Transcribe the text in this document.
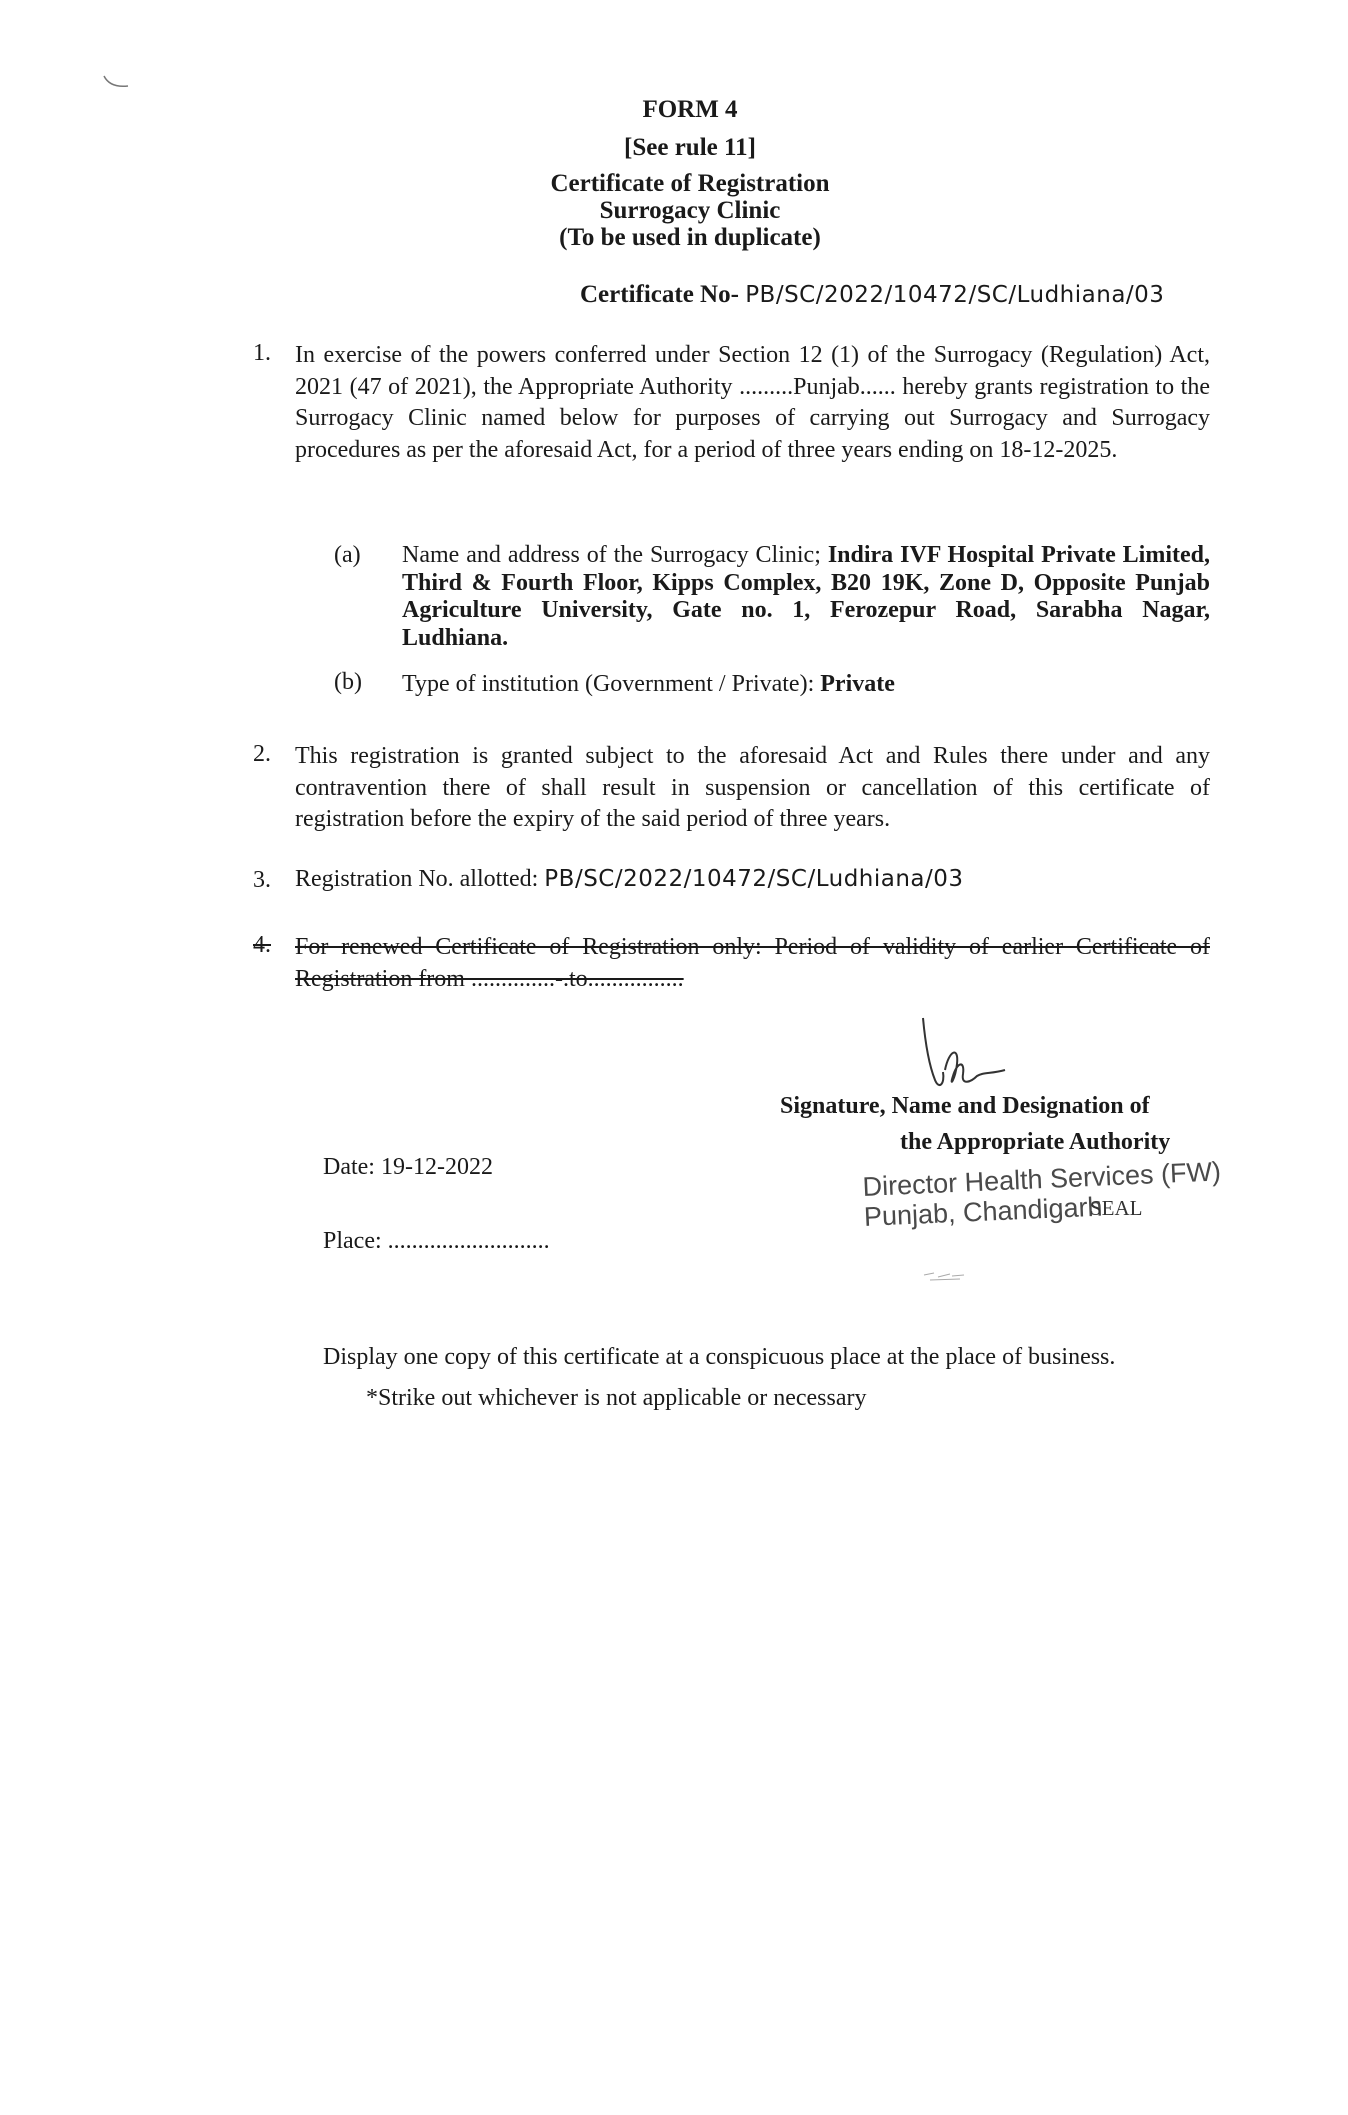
FORM 4

[See rule 11]

Certificate of Registration

Surrogacy Clinic

(To be used in duplicate)

Certificate No- PB/SC/2022/10472/SC/Ludhiana/03
1. In exercise of the powers conferred under Section 12 (1) of the Surrogacy (Regulation) Act, 2021 (47 of 2021), the Appropriate Authority .........Punjab...... hereby grants registration to the Surrogacy Clinic named below for purposes of carrying out Surrogacy and Surrogacy procedures as per the aforesaid Act, for a period of three years ending on 18-12-2025.
(a) Name and address of the Surrogacy Clinic; Indira IVF Hospital Private Limited, Third & Fourth Floor, Kipps Complex, B20 19K, Zone D, Opposite Punjab Agriculture University, Gate no. 1, Ferozepur Road, Sarabha Nagar, Ludhiana.
(b) Type of institution (Government / Private): Private
2. This registration is granted subject to the aforesaid Act and Rules there under and any contravention there of shall result in suspension or cancellation of this certificate of registration before the expiry of the said period of three years.
3. Registration No. allotted: PB/SC/2022/10472/SC/Ludhiana/03
4. For renewed Certificate of Registration only: Period of validity of earlier Certificate of Registration from ..............-.to................
Signature, Name and Designation of
the Appropriate Authority
Director Health Services (FW)
Punjab, Chandigarh
SEAL
Date: 19-12-2022
Place: ...........................
Display one copy of this certificate at a conspicuous place at the place of business.
*Strike out whichever is not applicable or necessary
